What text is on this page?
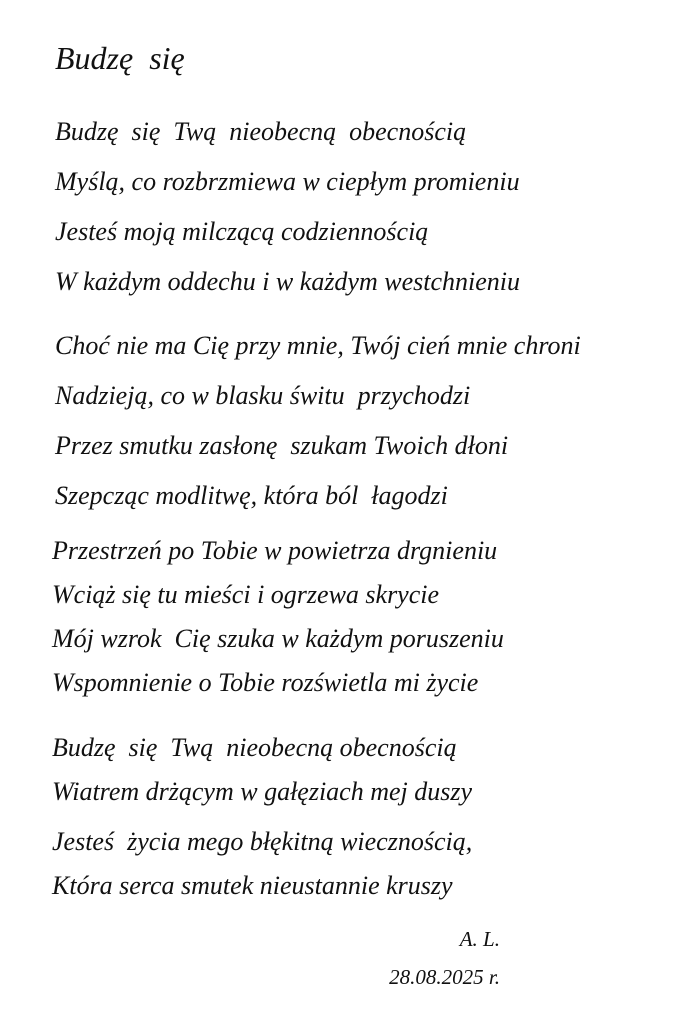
Budzę  się
Budzę  się  Twą  nieobecną  obecnością
Myślą, co rozbrzmiewa w ciepłym promieniu
Jesteś moją milczącą codziennością
W każdym oddechu i w każdym westchnieniu
Choć nie ma Cię przy mnie, Twój cień mnie chroni
Nadzieją, co w blasku świtu  przychodzi
Przez smutku zasłonę  szukam Twoich dłoni
Szepcząc modlitwę, która ból  łagodzi
Przestrzeń po Tobie w powietrza drgnieniu
Wciąż się tu mieści i ogrzewa skrycie
Mój wzrok  Cię szuka w każdym poruszeniu
Wspomnienie o Tobie rozświetla mi życie
Budzę  się  Twą  nieobecną obecnością
Wiatrem drżącym w gałęziach mej duszy
Jesteś  życia mego błękitną wiecznością,
Która serca smutek nieustannie kruszy
A. L.
28.08.2025 r.
